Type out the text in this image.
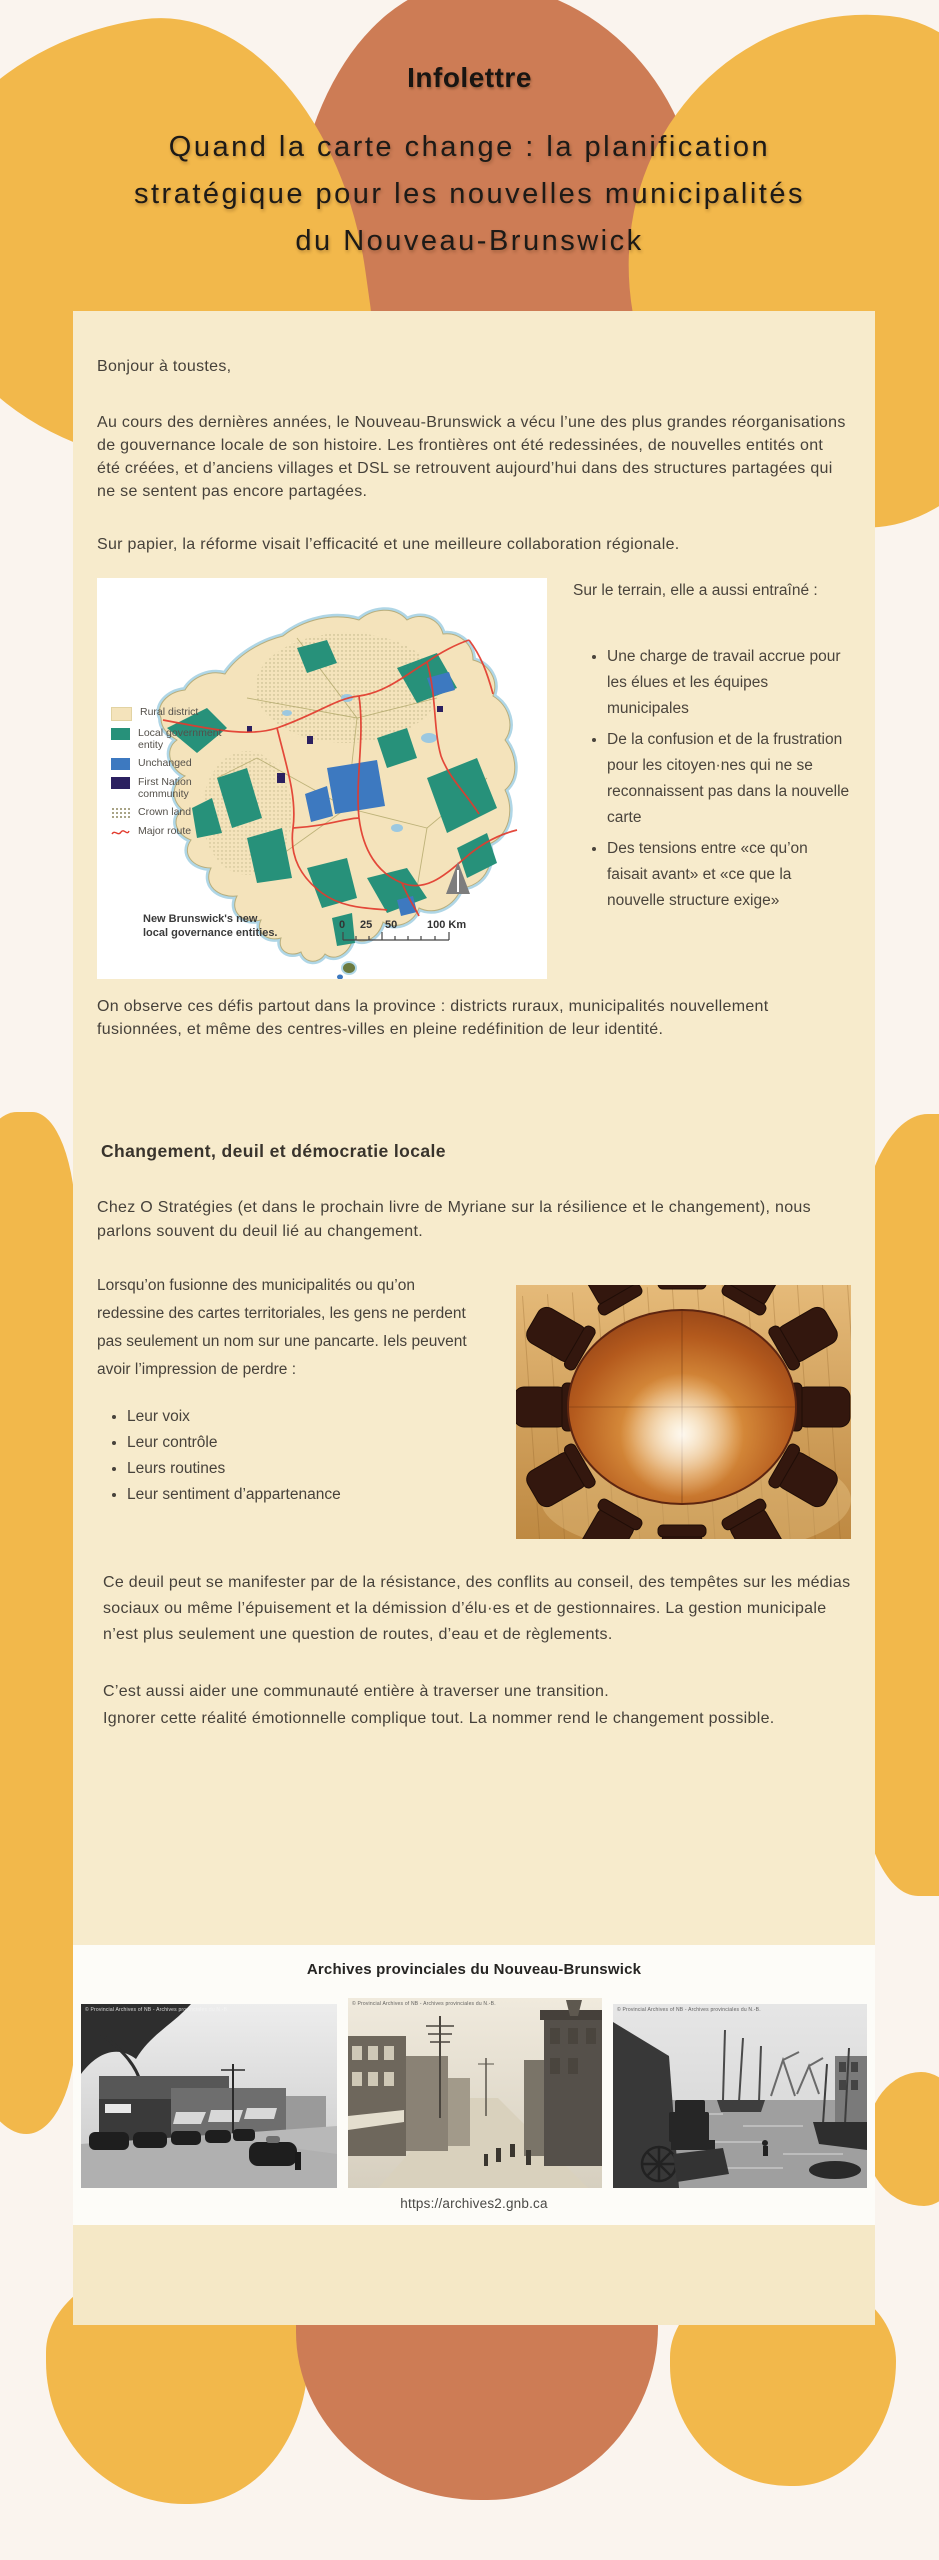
Infolettre
Quand la carte change : la planification
stratégique pour les nouvelles municipalités
du Nouveau-Brunswick

Bonjour à toustes,

Au cours des dernières années, le Nouveau-Brunswick a vécu l’une des plus grandes réorganisations de gouvernance locale de son histoire. Les frontières ont été redessinées, de nouvelles entités ont été créées, et d’anciens villages et DSL se retrouvent aujourd’hui dans des structures partagées qui ne se sentent pas encore partagées.

Sur papier, la réforme visait l’efficacité et une meilleure collaboration régionale.

0 25 50	100 Km
New Brunswick's new
local governance entities.
Rural district
Local government entity
Unchanged
First Nation community
Crown land
Major route
Sur le terrain, elle a aussi entraîné :
• Une charge de travail accrue pour les élues et les équipes municipales
• De la confusion et de la frustration pour les citoyen·nes qui ne se reconnaissent pas dans la nouvelle carte
• Des tensions entre «ce qu’on faisait avant» et «ce que la nouvelle structure exige»

On observe ces défis partout dans la province : districts ruraux, municipalités nouvellement fusionnées, et même des centres-villes en pleine redéfinition de leur identité.

Changement, deuil et démocratie locale

Chez O Stratégies (et dans le prochain livre de Myriane sur la résilience et le changement), nous parlons souvent du deuil lié au changement.

Lorsqu’on fusionne des municipalités ou qu’on redessine des cartes territoriales, les gens ne perdent pas seulement un nom sur une pancarte. Iels peuvent avoir l’impression de perdre :
• Leur voix
• Leur contrôle
• Leurs routines
• Leur sentiment d’appartenance

Ce deuil peut se manifester par de la résistance, des conflits au conseil, des tempêtes sur les médias sociaux ou même l’épuisement et la démission d’élu·es et de gestionnaires. La gestion municipale n’est plus seulement une question de routes, d’eau et de règlements.

C’est aussi aider une communauté entière à traverser une transition.
Ignorer cette réalité émotionnelle complique tout. La nommer rend le changement possible.
Archives provinciales du Nouveau-Brunswick
© Provincial Archives of NB - Archives provinciales du N.-B.
© Provincial Archives of NB - Archives provinciales du N.-B.
© Provincial Archives of NB - Archives provinciales du N.-B.
https://archives2.gnb.ca
